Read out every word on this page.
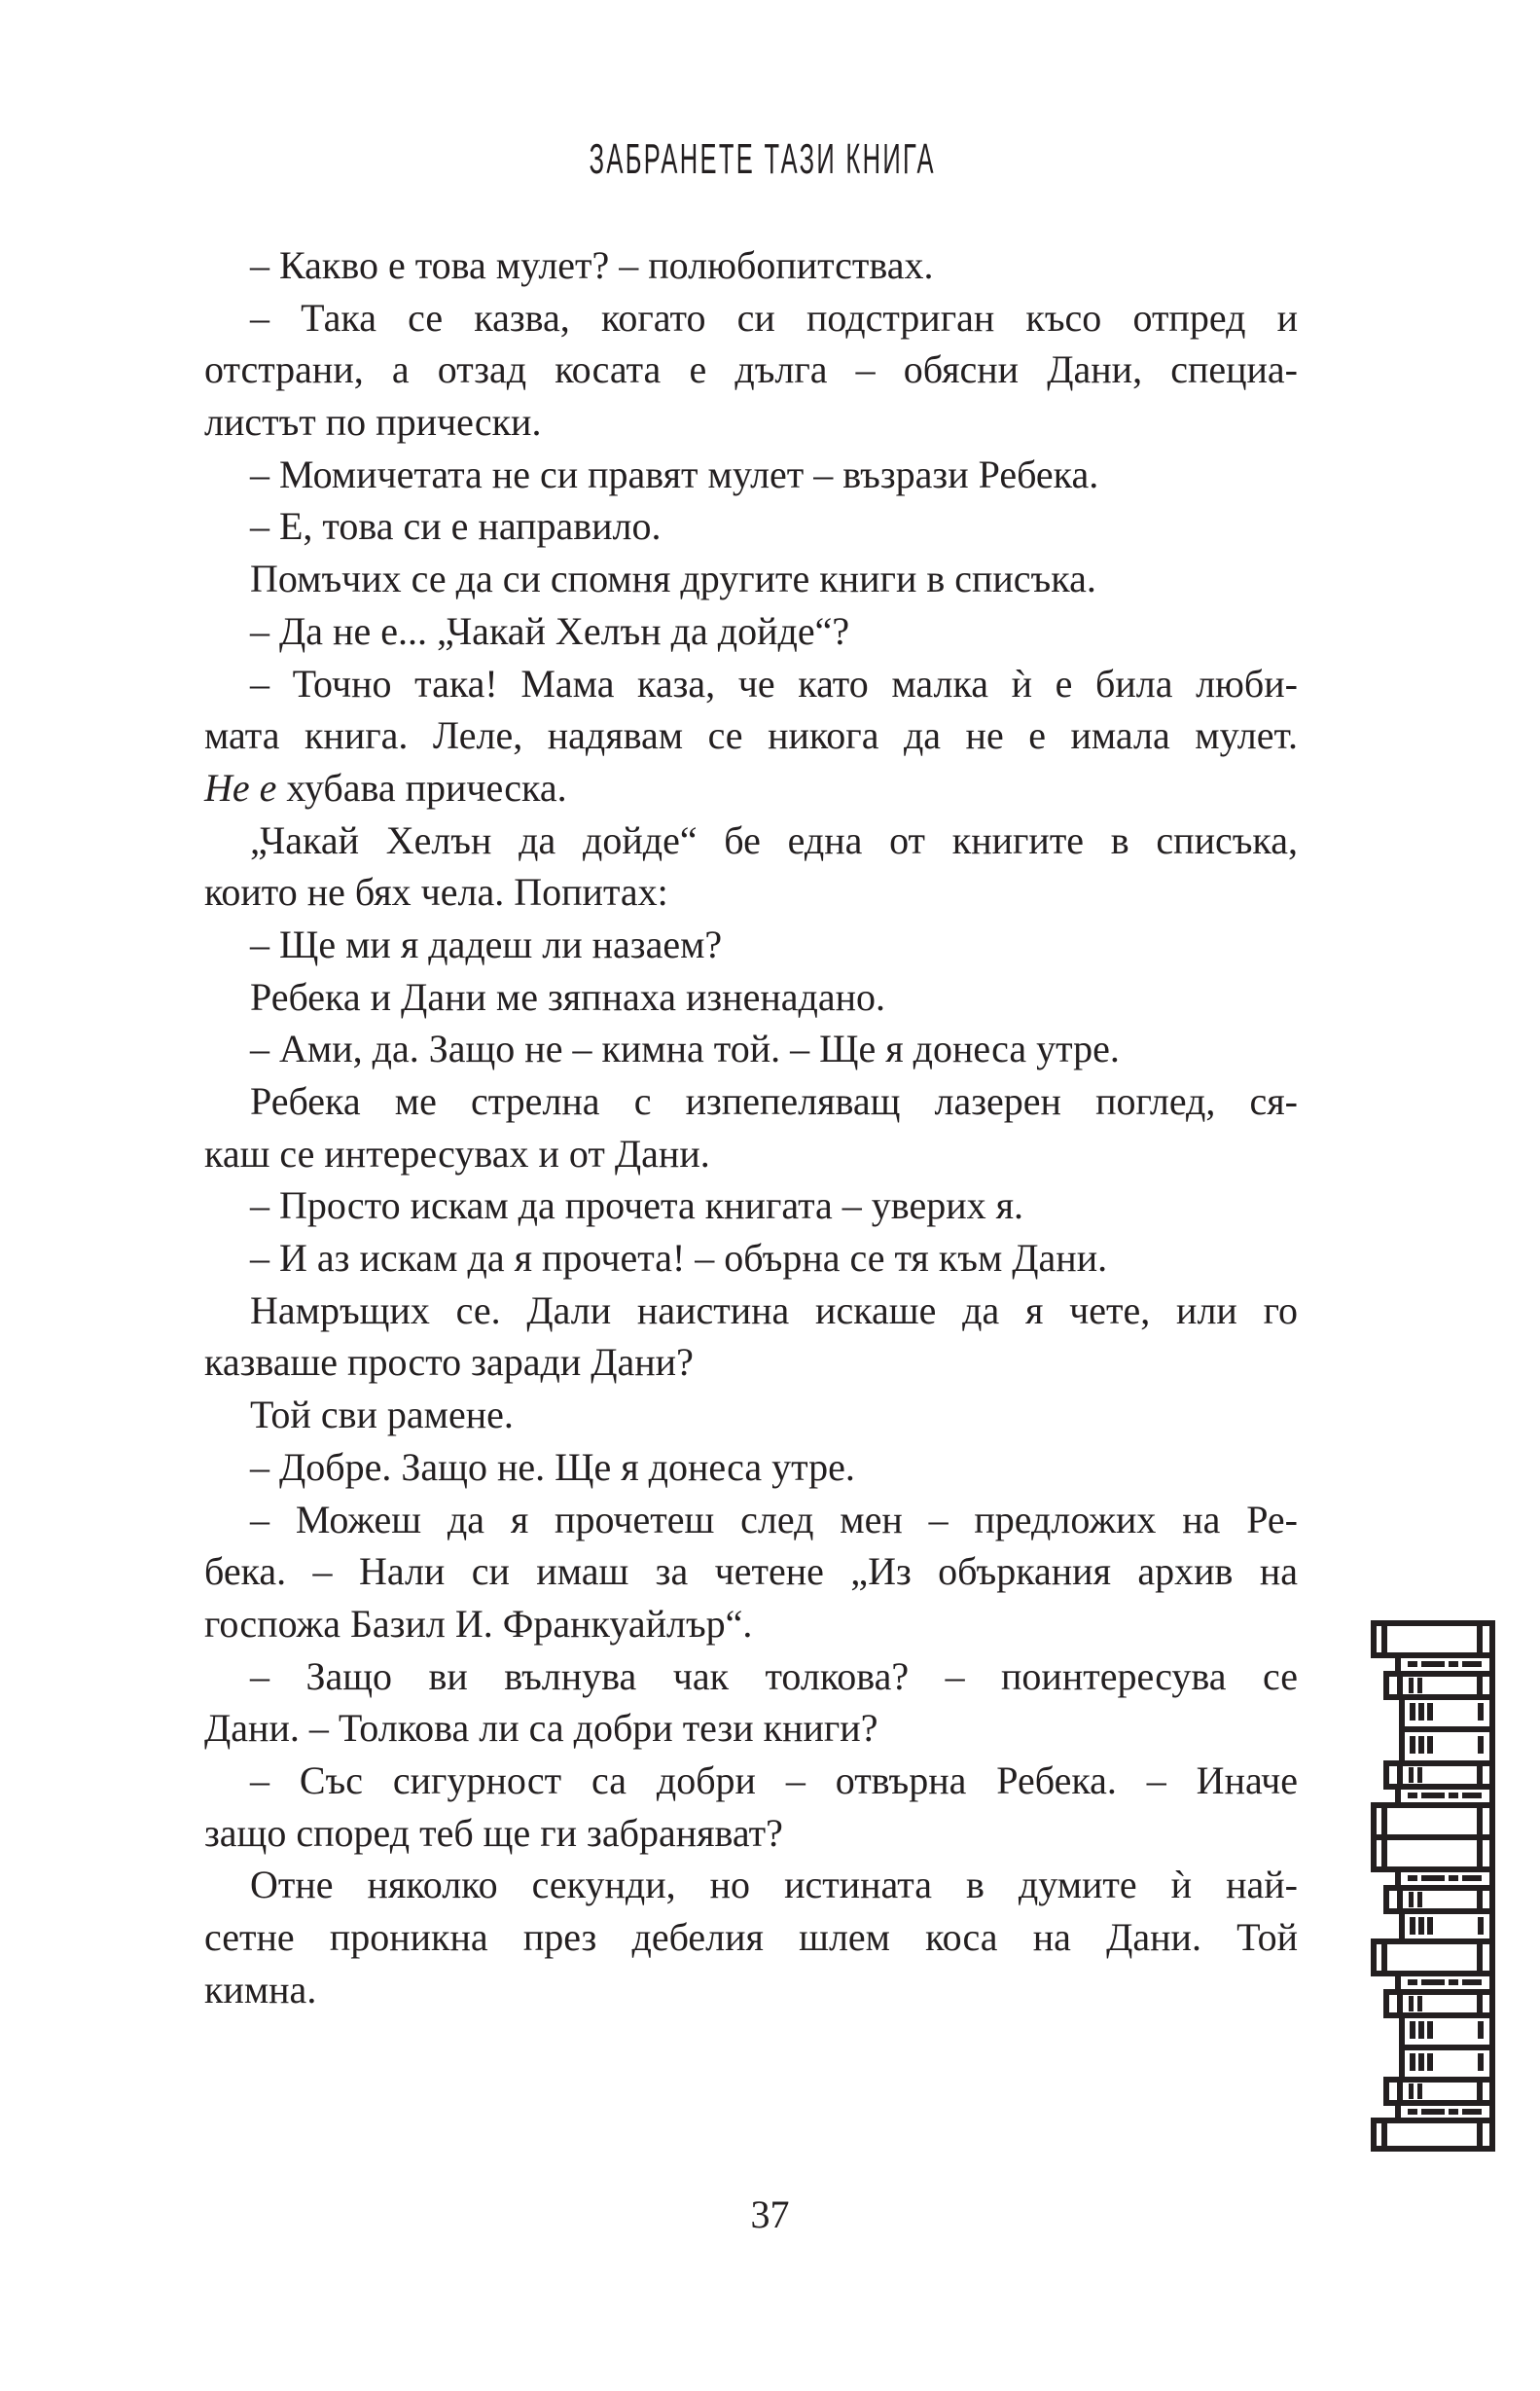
ЗАБРАНЕТЕ ТАЗИ КНИГА
– Какво е това мулет? – полюбопитствах.
– Така се казва, когато си подстриган късо отпред и
отстрани, а отзад косата е дълга – обясни Дани, специа-
листът по прически.
– Момичетата не си правят мулет – възрази Ребека.
– Е, това си е направило.
Помъчих се да си спомня другите книги в списъка.
– Да не е... „Чакай Хелън да дойде“?
– Точно така! Мама каза, че като малка ѝ е била люби-
мата книга. Леле, надявам се никога да не е имала мулет.
Не е хубава прическа.
„Чакай Хелън да дойде“ бе една от книгите в списъка,
които не бях чела. Попитах:
– Ще ми я дадеш ли назаем?
Ребека и Дани ме зяпнаха изненадано.
– Ами, да. Защо не – кимна той. – Ще я донеса утре.
Ребека ме стрелна с изпепеляващ лазерен поглед, ся-
каш се интересувах и от Дани.
– Просто искам да прочета книгата – уверих я.
– И аз искам да я прочета! – обърна се тя към Дани.
Намръщих се. Дали наистина искаше да я чете, или го
казваше просто заради Дани?
Той сви рамене.
– Добре. Защо не. Ще я донеса утре.
– Можеш да я прочетеш след мен – предложих на Ре-
бека. – Нали си имаш за четене „Из объркания архив на
госпожа Базил И. Франкуайлър“.
– Защо ви вълнува чак толкова? – поинтересува се
Дани. – Толкова ли са добри тези книги?
– Със сигурност са добри – отвърна Ребека. – Иначе
защо според теб ще ги забраняват?
Отне няколко секунди, но истината в думите ѝ най-
сетне проникна през дебелия шлем коса на Дани. Той
кимна.
37
